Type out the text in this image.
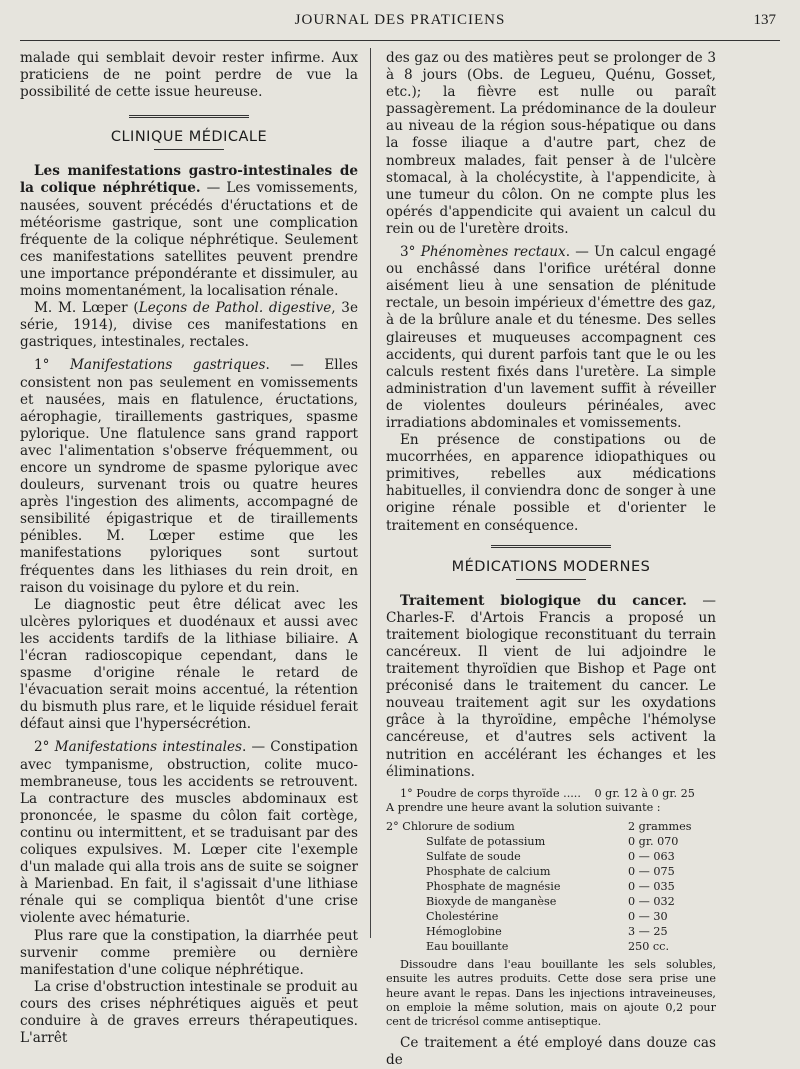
JOURNAL DES PRATICIENS	137

malade qui semblait devoir rester infirme. Aux praticiens de ne point perdre de vue la possibilité de cette issue heureuse.

CLINIQUE MÉDICALE

Les manifestations gastro-intestinales de la colique néphrétique. — Les vomissements, nausées, souvent précédés d'éructations et de météorisme gastrique, sont une complication fréquente de la colique néphrétique. Seulement ces manifestations satellites peuvent prendre une importance prépondérante et dissimuler, au moins momentanément, la localisation rénale.

M. M. Lœper (Leçons de Pathol. digestive, 3e série, 1914), divise ces manifestations en gastriques, intestinales, rectales.

1° Manifestations gastriques. — Elles consistent non pas seulement en vomissements et nausées, mais en flatulence, éructations, aérophagie, tiraillements gastriques, spasme pylorique. Une flatulence sans grand rapport avec l'alimentation s'observe fréquemment, ou encore un syndrome de spasme pylorique avec douleurs, survenant trois ou quatre heures après l'ingestion des aliments, accompagné de sensibilité épigastrique et de tiraillements pénibles. M. Lœper estime que les manifestations pyloriques sont surtout fréquentes dans les lithiases du rein droit, en raison du voisinage du pylore et du rein.

Le diagnostic peut être délicat avec les ulcères pyloriques et duodénaux et aussi avec les accidents tardifs de la lithiase biliaire. A l'écran radioscopique cependant, dans le spasme d'origine rénale le retard de l'évacuation serait moins accentué, la rétention du bismuth plus rare, et le liquide résiduel ferait défaut ainsi que l'hypersécrétion.

2° Manifestations intestinales. — Constipation avec tympanisme, obstruction, colite muco-membraneuse, tous les accidents se retrouvent. La contracture des muscles abdominaux est prononcée, le spasme du côlon fait cortège, continu ou intermittent, et se traduisant par des coliques expulsives. M. Lœper cite l'exemple d'un malade qui alla trois ans de suite se soigner à Marienbad. En fait, il s'agissait d'une lithiase rénale qui se compliqua bientôt d'une crise violente avec hématurie.

Plus rare que la constipation, la diarrhée peut survenir comme première ou dernière manifestation d'une colique néphrétique.

La crise d'obstruction intestinale se produit au cours des crises néphrétiques aiguës et peut conduire à de graves erreurs thérapeutiques. L'arrêt

des gaz ou des matières peut se prolonger de 3 à 8 jours (Obs. de Legueu, Quénu, Gosset, etc.); la fièvre est nulle ou paraît passagèrement. La prédominance de la douleur au niveau de la région sous-hépatique ou dans la fosse iliaque a d'autre part, chez de nombreux malades, fait penser à de l'ulcère stomacal, à la cholécystite, à l'appendicite, à une tumeur du côlon. On ne compte plus les opérés d'appendicite qui avaient un calcul du rein ou de l'uretère droits.

3° Phénomènes rectaux. — Un calcul engagé ou enchâssé dans l'orifice urétéral donne aisément lieu à une sensation de plénitude rectale, un besoin impérieux d'émettre des gaz, à de la brûlure anale et du ténesme. Des selles glaireuses et muqueuses accompagnent ces accidents, qui durent parfois tant que le ou les calculs restent fixés dans l'uretère. La simple administration d'un lavement suffit à réveiller de violentes douleurs périnéales, avec irradiations abdominales et vomissements.

En présence de constipations ou de mucorrhées, en apparence idiopathiques ou primitives, rebelles aux médications habituelles, il conviendra donc de songer à une origine rénale possible et d'orienter le traitement en conséquence.

MÉDICATIONS MODERNES

Traitement biologique du cancer. — Charles-F. d'Artois Francis a proposé un traitement biologique reconstituant du terrain cancéreux. Il vient de lui adjoindre le traitement thyroïdien que Bishop et Page ont préconisé dans le traitement du cancer. Le nouveau traitement agit sur les oxydations grâce à la thyroïdine, empêche l'hémolyse cancéreuse, et d'autres sels activent la nutrition en accélérant les échanges et les éliminations.

1° Poudre de corps thyroïde ..... 0 gr. 12 à 0 gr. 25
A prendre une heure avant la solution suivante :
2° Chlorure de sodium	2 grammes
Sulfate de potassium	0 gr. 070
Sulfate de soude	0 — 063
Phosphate de calcium	0 — 075
Phosphate de magnésie	0 — 035
Bioxyde de manganèse	0 — 032
Cholestérine	0 — 30
Hémoglobine	3 — 25
Eau bouillante	250 cc.
Dissoudre dans l'eau bouillante les sels solubles, ensuite les autres produits. Cette dose sera prise une heure avant le repas. Dans les injections intraveineuses, on emploie la même solution, mais on ajoute 0,2 pour cent de tricrésol comme antiseptique.

Ce traitement a été employé dans douze cas de
